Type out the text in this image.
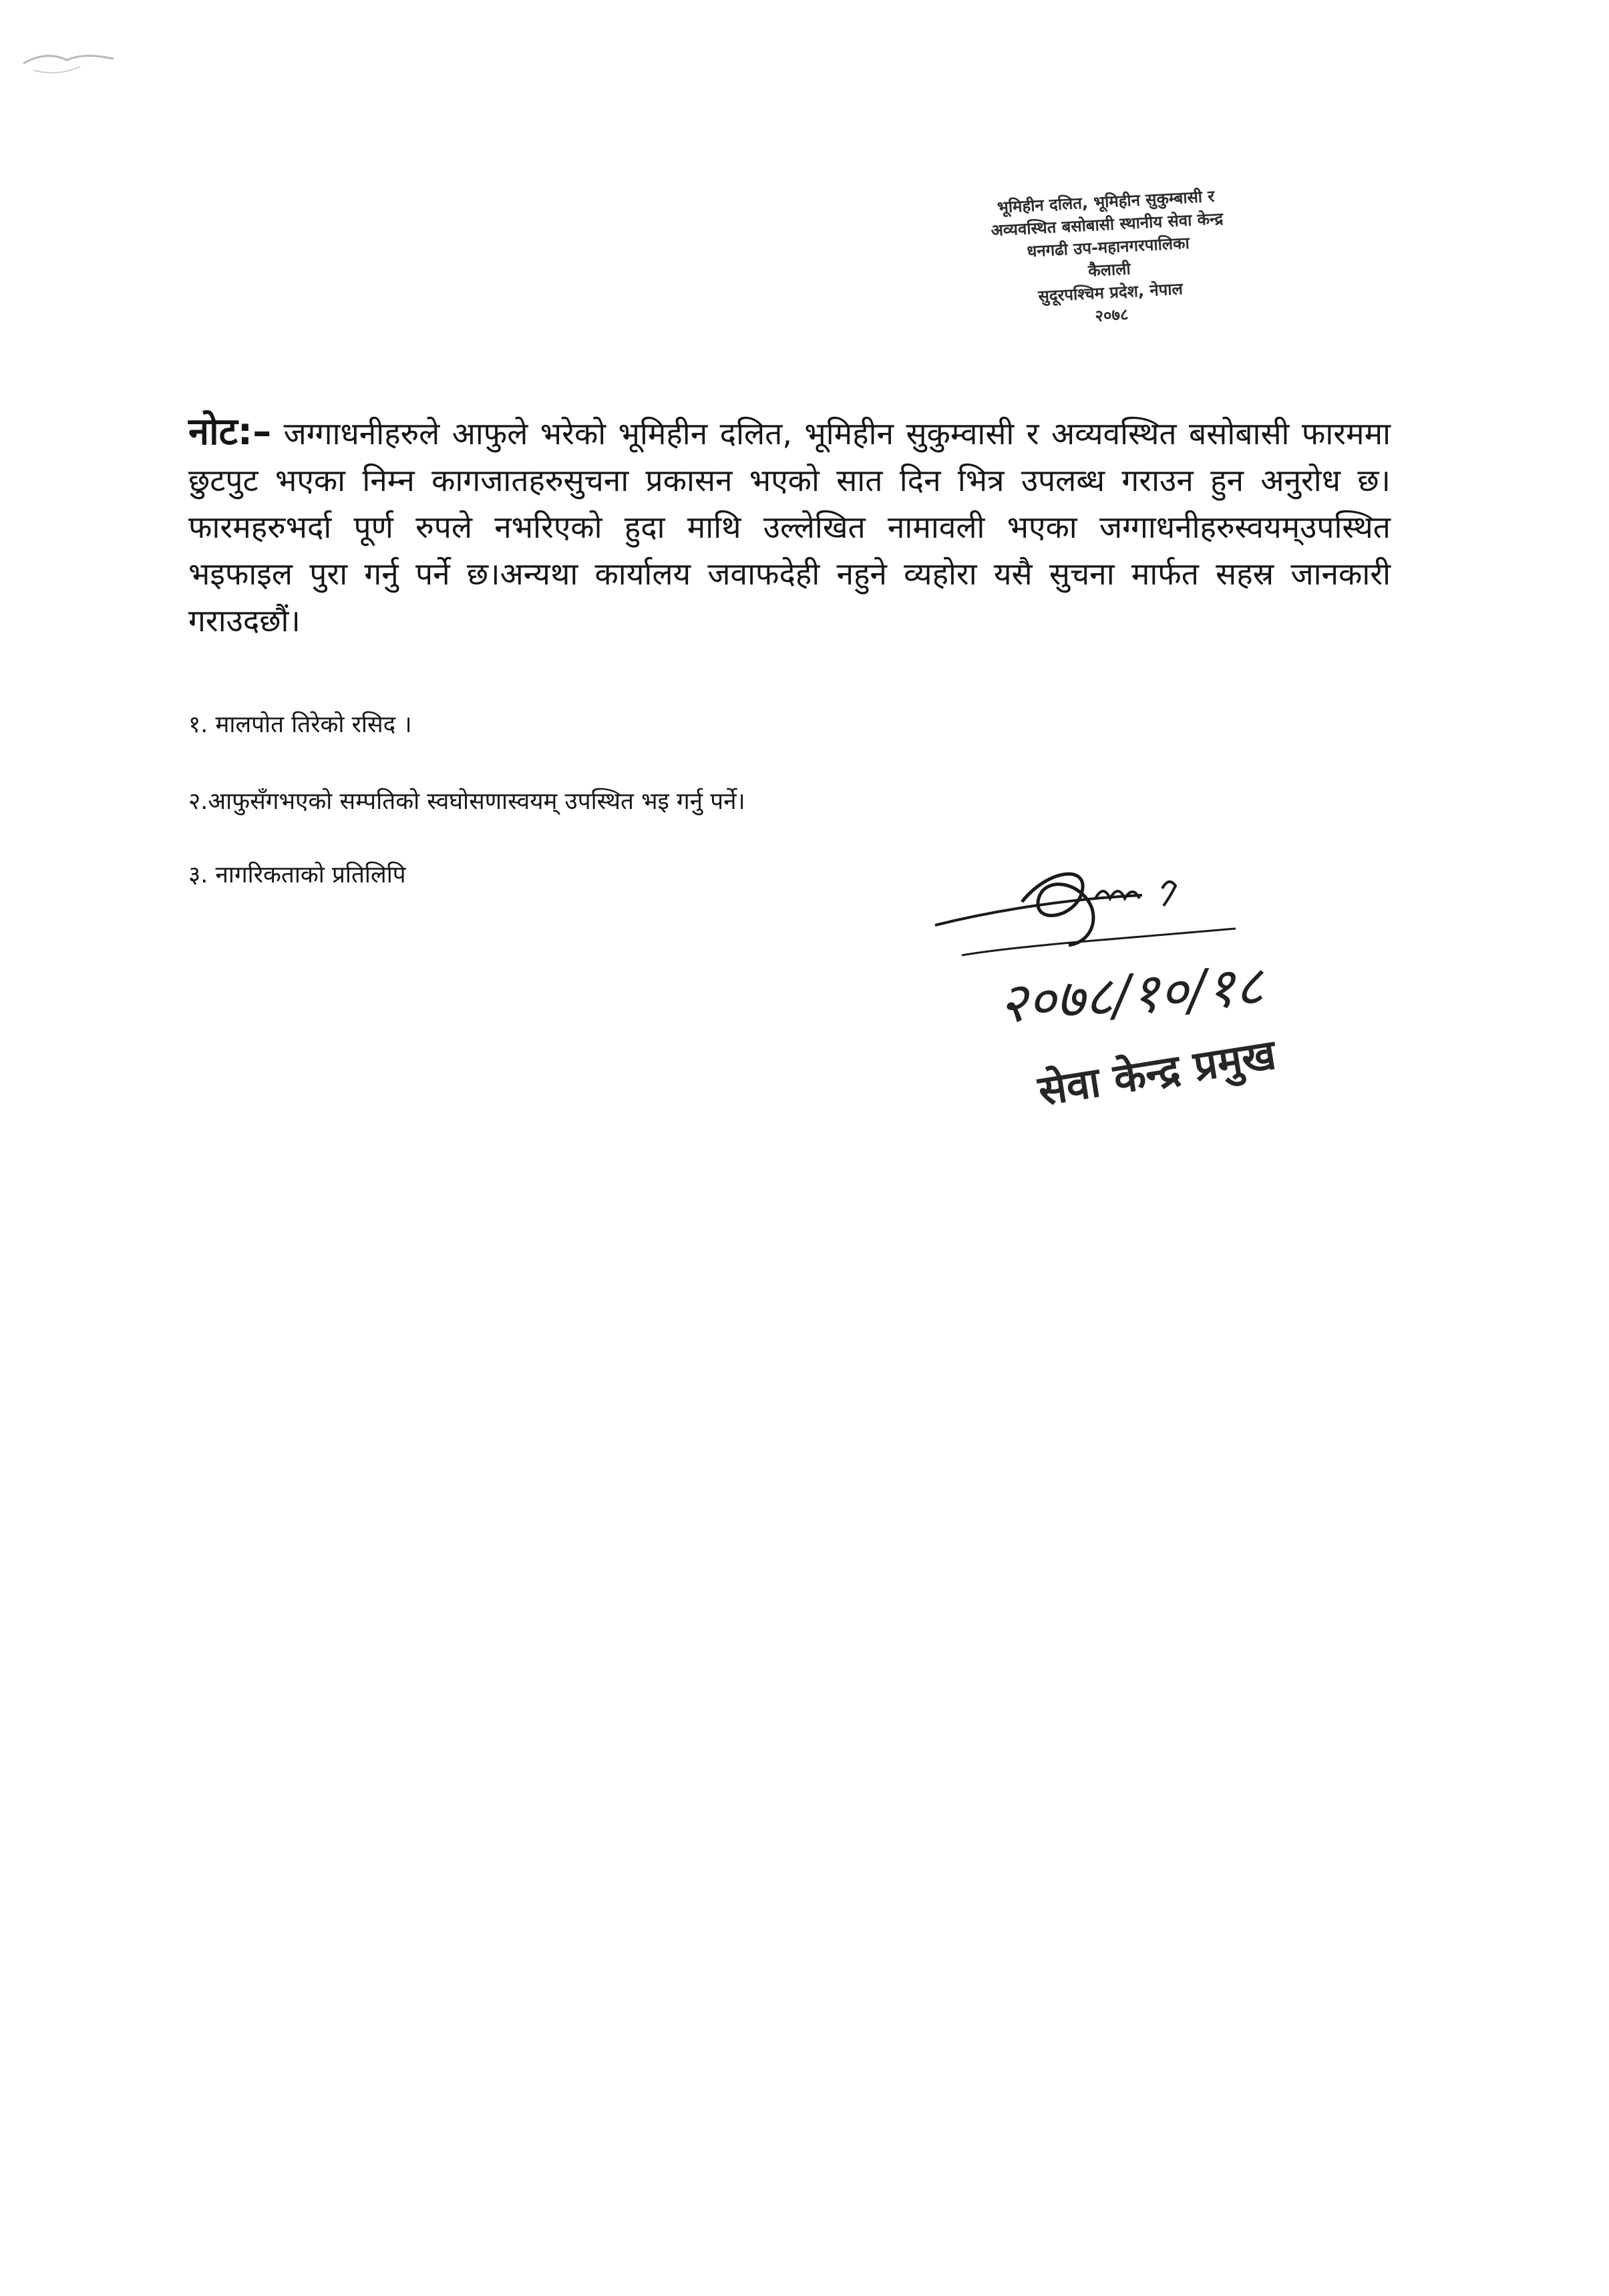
भूमिहीन दलित, भूमिहीन सुकुम्बासी र
अव्यवस्थित बसोबासी स्थानीय सेवा केन्द्र
धनगढी उप-महानगरपालिका
कैलाली
सुदूरपश्चिम प्रदेश, नेपाल
२०७८
नोट:– जग्गाधनीहरुले आफुले भरेको भूमिहीन दलित, भूमिहीन सुकुम्वासी र अव्यवस्थित बसोबासी फारममा छुटपुट भएका निम्न कागजातहरुसुचना प्रकासन भएको सात दिन भित्र उपलब्ध गराउन हुन अनुरोध छ।फारमहरुभर्दा पूर्ण रुपले नभरिएको हुदा माथि उल्लेखित नामावली भएका जग्गाधनीहरुस्वयम्उपस्थित भइफाइल पुरा गर्नु पर्ने छ।अन्यथा कार्यालय जवाफदेही नहुने व्यहोरा यसै सुचना मार्फत सहस्र जानकारी गराउदछौं।
१. मालपोत तिरेको रसिद ।
२.आफुसँगभएको सम्पतिको स्वघोसणास्वयम् उपस्थित भइ गर्नु पर्ने।
३. नागरिकताको प्रतिलिपि
२०७८/१०/१८
सेवा केन्द्र प्रमुख
